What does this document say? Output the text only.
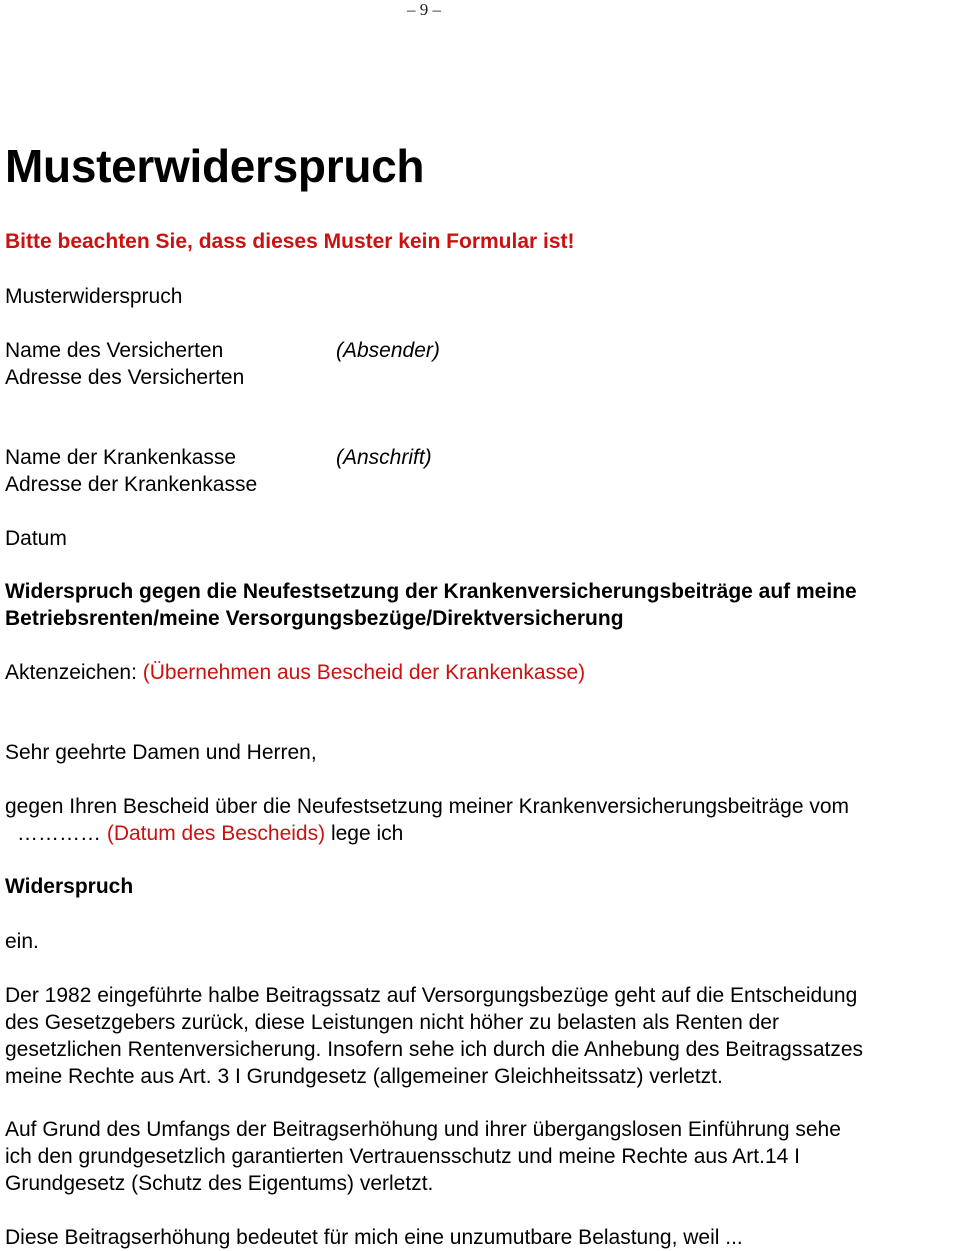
– 9 –
Musterwiderspruch

Bitte beachten Sie, dass dieses Muster kein Formular ist!

Musterwiderspruch

Name des Versicherten	(Absender)

Adresse des Versicherten

Name der Krankenkasse	(Anschrift)

Adresse der Krankenkasse

Datum

Widerspruch gegen die Neufestsetzung der Krankenversicherungsbeiträge auf meine

Betriebsrenten/meine Versorgungsbezüge/Direktversicherung

Aktenzeichen: (Übernehmen aus Bescheid der Krankenkasse)

Sehr geehrte Damen und Herren,

gegen Ihren Bescheid über die Neufestsetzung meiner Krankenversicherungsbeiträge vom

………… (Datum des Bescheids) lege ich

Widerspruch

ein.

Der 1982 eingeführte halbe Beitragssatz auf Versorgungsbezüge geht auf die Entscheidung

des Gesetzgebers zurück, diese Leistungen nicht höher zu belasten als Renten der

gesetzlichen Rentenversicherung. Insofern sehe ich durch die Anhebung des Beitragssatzes

meine Rechte aus Art. 3 I Grundgesetz (allgemeiner Gleichheitssatz) verletzt.

Auf Grund des Umfangs der Beitragserhöhung und ihrer übergangslosen Einführung sehe

ich den grundgesetzlich garantierten Vertrauensschutz und meine Rechte aus Art.14 I

Grundgesetz (Schutz des Eigentums) verletzt.

Diese Beitragserhöhung bedeutet für mich eine unzumutbare Belastung, weil ...
